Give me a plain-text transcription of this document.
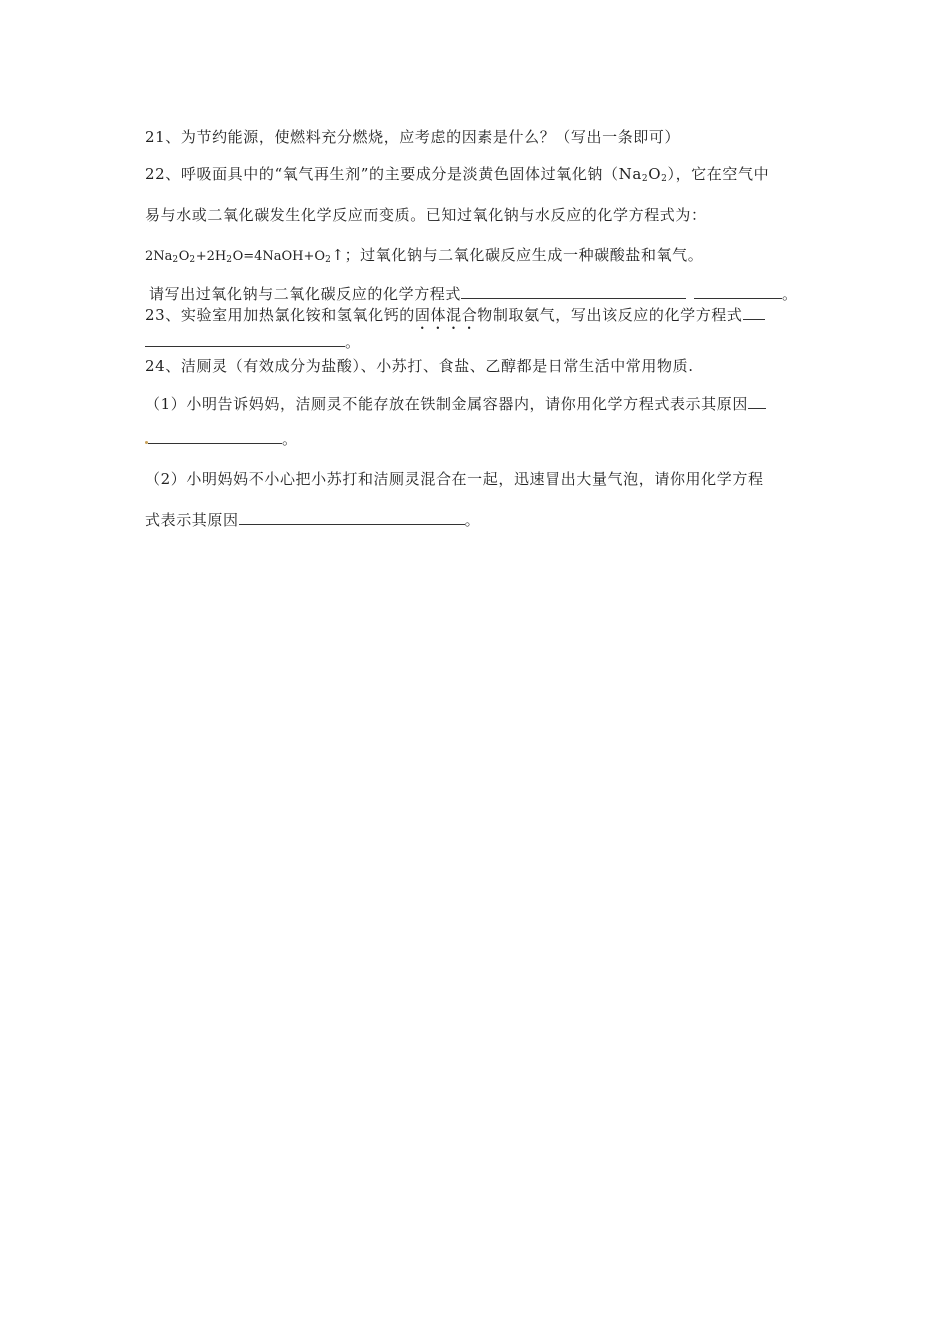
21、为节约能源，使燃料充分燃烧，应考虑的因素是什么？（写出一条即可）
22、呼吸面具中的“氧气再生剂”的主要成分是淡黄色固体过氧化钠$(Na_2O_2)$，它在空气中
易与水或二氧化碳发生化学反应而变质。已知过氧化钠与水反应的化学方程式为：
$2Na_2O_2+2H_2O=4NaOH+O_2↑$；过氧化钠与二氧化碳反应生成一种碳酸盐和氧气。
请写出过氧化钠与二氧化碳反应的化学方程式	。
23、实验室用加热氯化铵和氢氧化钙的固体混合物制取氨气，写出该反应的化学方程式
。
24、洁厕灵（有效成分为盐酸）、小苏打、食盐、乙醇都是日常生活中常用物质.
（1）小明告诉妈妈，洁厕灵不能存放在铁制金属容器内，请你用化学方程式表示其原因
。
（2）小明妈妈不小心把小苏打和洁厕灵混合在一起，迅速冒出大量气泡，请你用化学方程
式表示其原因	。
